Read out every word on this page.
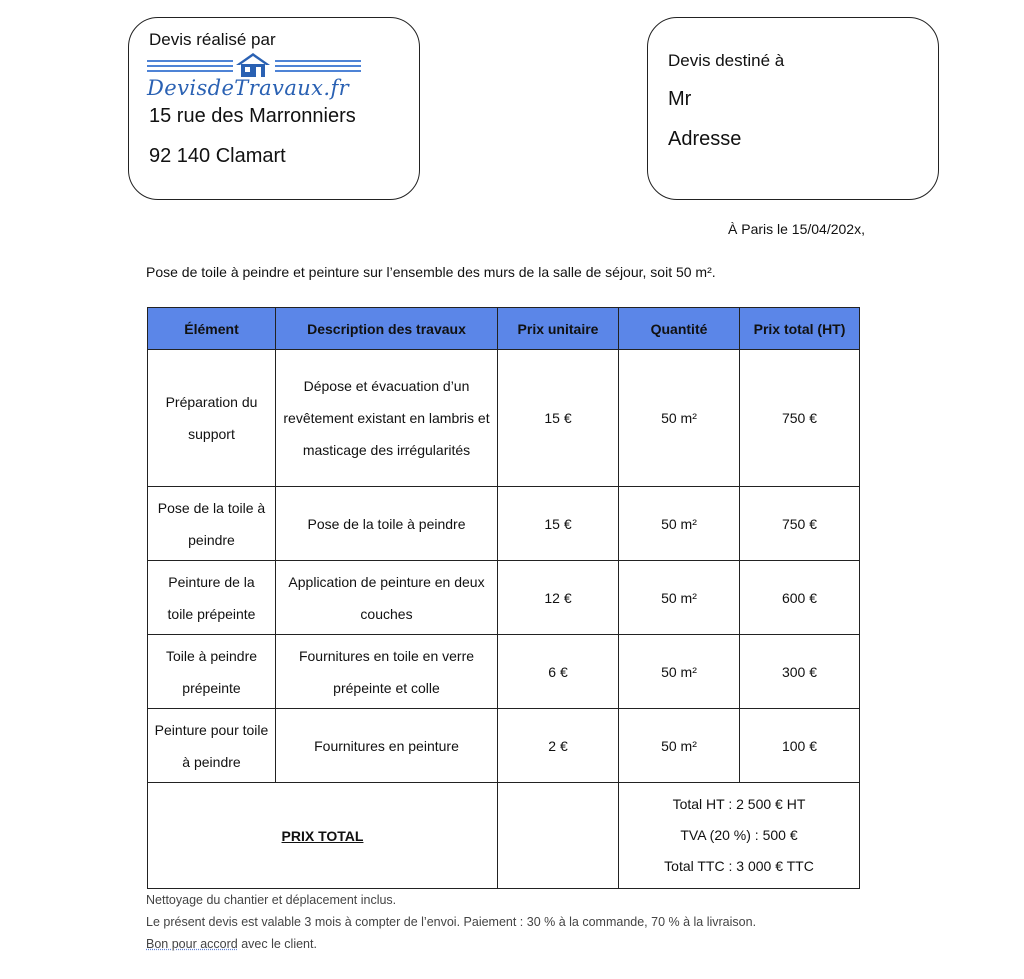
Devis réalisé par
DevisdeTravaux.fr
15 rue des Marronniers
92 140 Clamart
Devis destiné à
Mr
Adresse
À Paris le 15/04/202x,
Pose de toile à peindre et peinture sur l’ensemble des murs de la salle de séjour, soit 50 m².
Élément	Description des travaux	Prix unitaire	Quantité	Prix total (HT)
Préparation du support	Dépose et évacuation d’un revêtement existant en lambris et masticage des irrégularités	15 €	50 m²	750 €
Pose de la toile à peindre	Pose de la toile à peindre	15 €	50 m²	750 €
Peinture de la toile prépeinte	Application de peinture en deux couches	12 €	50 m²	600 €
Toile à peindre prépeinte	Fournitures en toile en verre prépeinte et colle	6 €	50 m²	300 €
Peinture pour toile à peindre	Fournitures en peinture	2 €	50 m²	100 €
PRIX TOTAL			Total HT : 2 500 € HT
TVA (20 %) : 500 €
Total TTC : 3 000 € TTC	
Nettoyage du chantier et déplacement inclus.
Le présent devis est valable 3 mois à compter de l’envoi. Paiement : 30 % à la commande, 70 % à la livraison.
Bon pour accord avec le client.
